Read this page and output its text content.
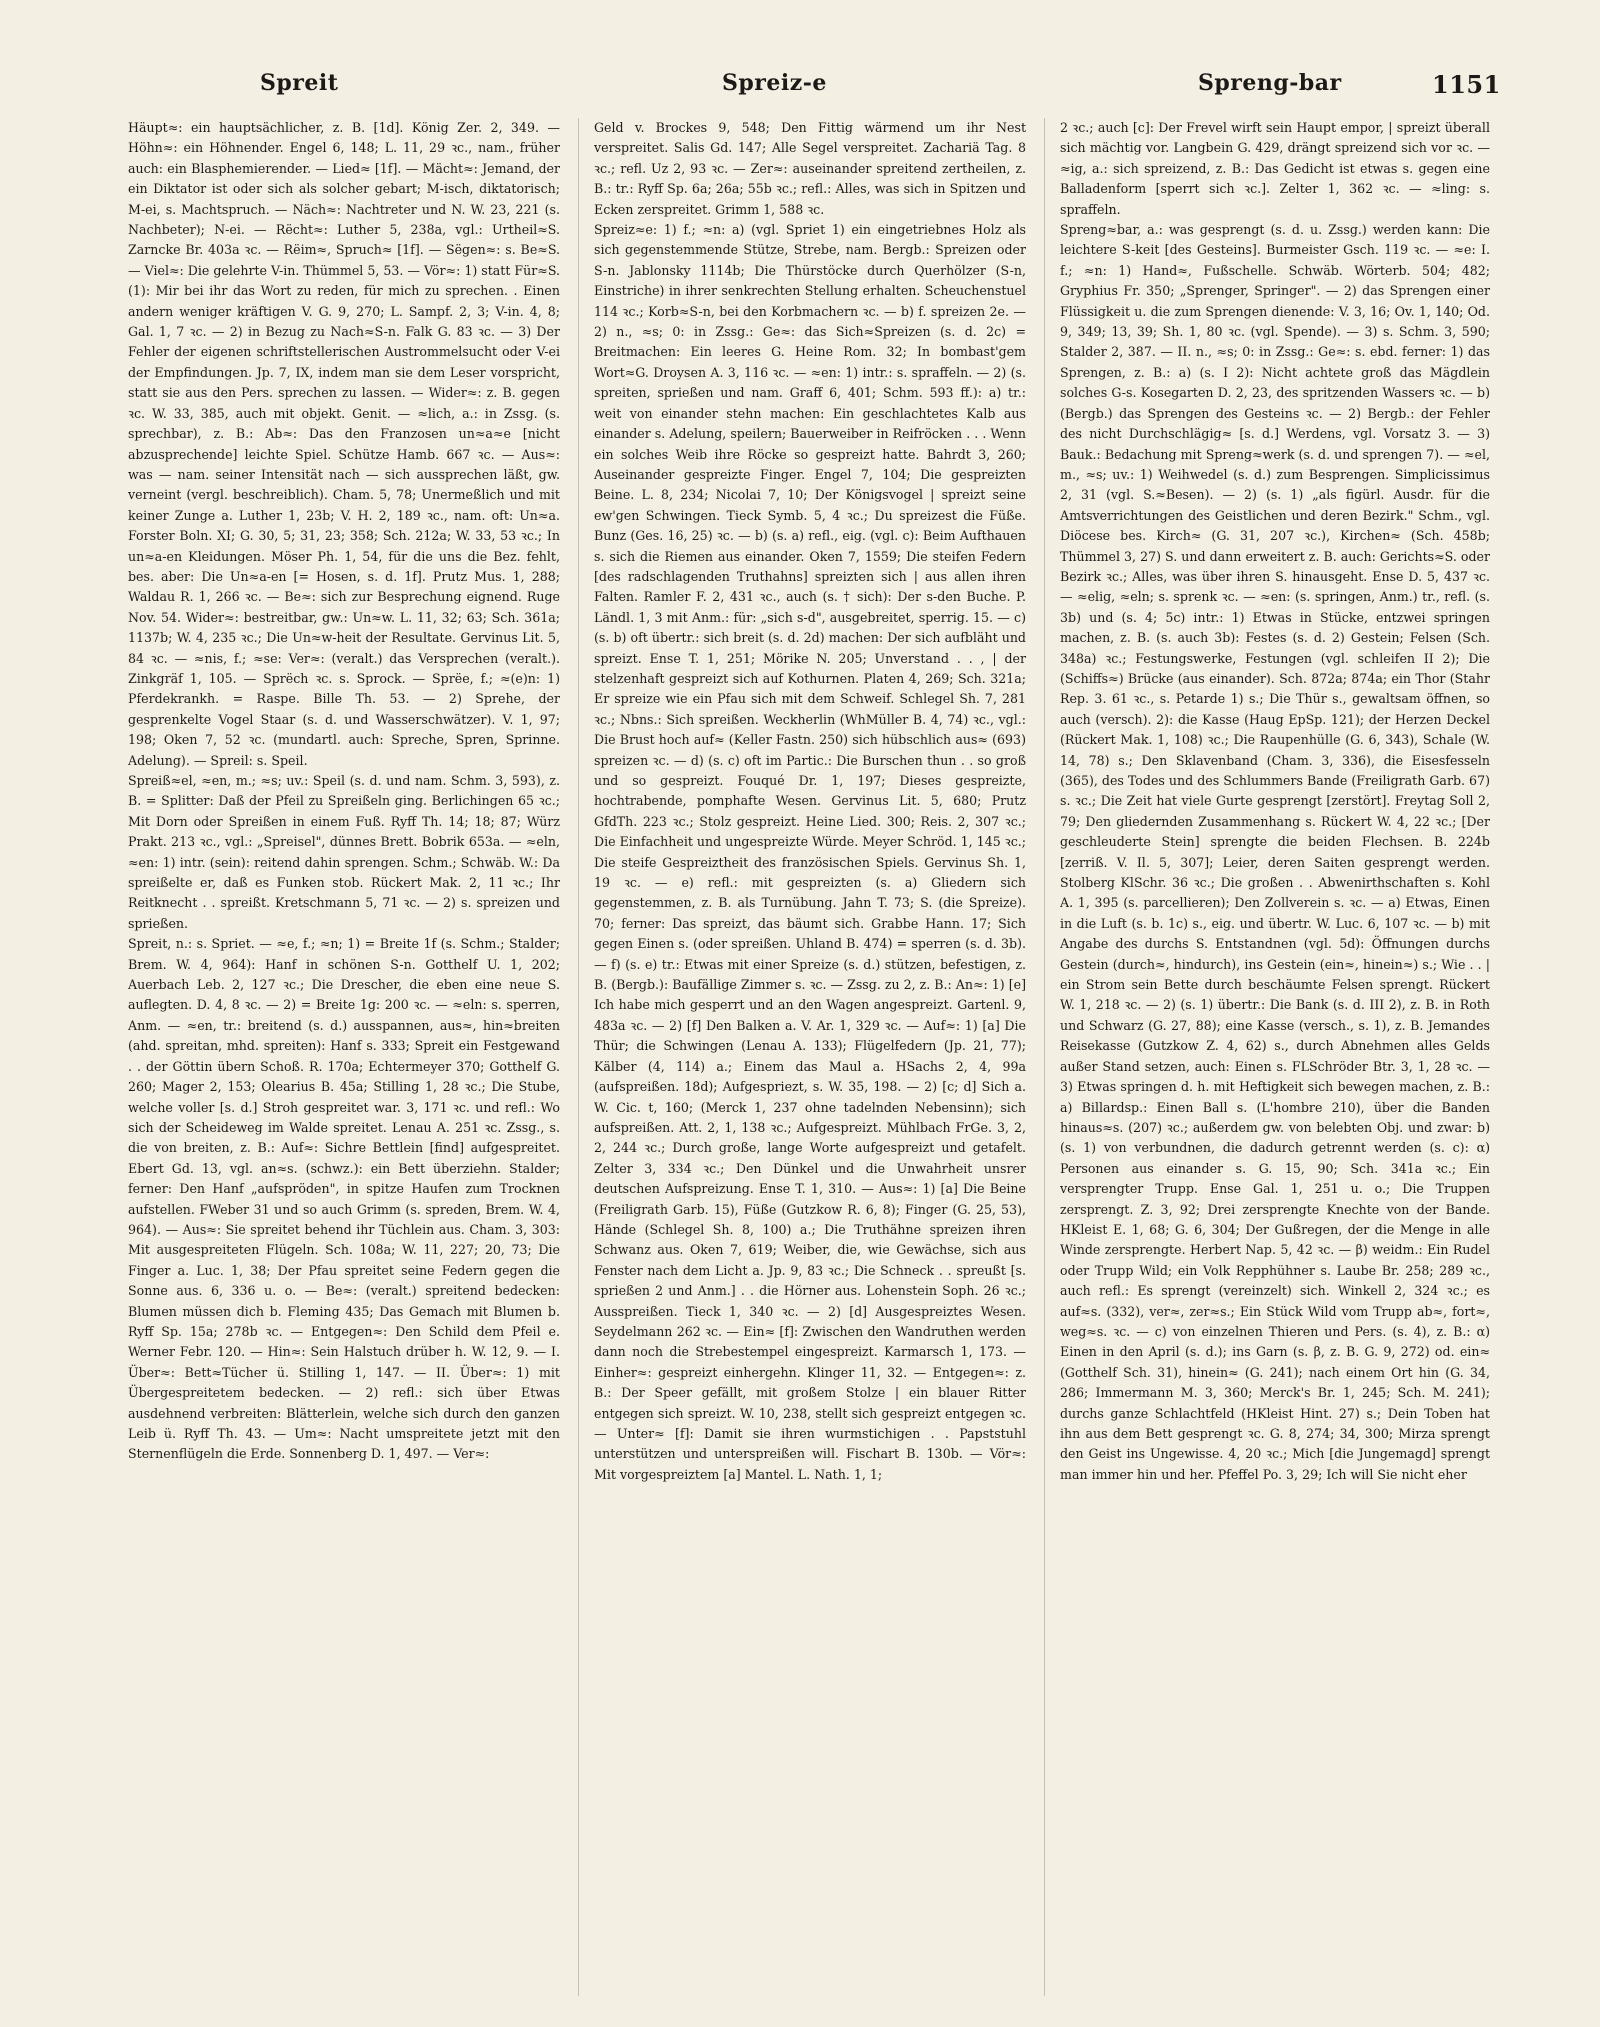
Spreit	Spreiz-e	Spreng-bar	1151

Häupt≈: ein hauptsächlicher, z. B. [1d]. König Zer. 2, 349. — Höhn≈: ein Höhnender. Engel 6, 148; L. 11, 29 ꝛc., nam., früher auch: ein Blasphemierender. — Lied≈ [1f]. — Mächt≈: Jemand, der ein Diktator ist oder sich als solcher gebart; M-isch, diktatorisch; M-ei, s. Machtspruch. — Näch≈: Nachtreter und N. W. 23, 221 (s. Nachbeter); N-ei. — Rëcht≈: Luther 5, 238a, vgl.: Urtheil≈S. Zarncke Br. 403a ꝛc. — Rëim≈, Spruch≈ [1f]. — Sëgen≈: s. Be≈S. — Viel≈: Die gelehrte V-in. Thümmel 5, 53. — Vör≈: 1) statt Für≈S. (1): Mir bei ihr das Wort zu reden, für mich zu sprechen. . Einen andern weniger kräftigen V. G. 9, 270; L. Sampf. 2, 3; V-in. 4, 8; Gal. 1, 7 ꝛc. — 2) in Bezug zu Nach≈S-n. Falk G. 83 ꝛc. — 3) Der Fehler der eigenen schriftstellerischen Austrommelsucht oder V-ei der Empfindungen. Jp. 7, IX, indem man sie dem Leser vorspricht, statt sie aus den Pers. sprechen zu lassen. — Wider≈: z. B. gegen ꝛc. W. 33, 385, auch mit objekt. Genit. — ≈lich, a.: in Zssg. (s. sprechbar), z. B.: Ab≈: Das den Franzosen un≈a≈e [nicht abzusprechende] leichte Spiel. Schütze Hamb. 667 ꝛc. — Aus≈: was — nam. seiner Intensität nach — sich aussprechen läßt, gw. verneint (vergl. beschreiblich). Cham. 5, 78; Unermeßlich und mit keiner Zunge a. Luther 1, 23b; V. H. 2, 189 ꝛc., nam. oft: Un≈a. Forster Boln. XI; G. 30, 5; 31, 23; 358; Sch. 212a; W. 33, 53 ꝛc.; In un≈a-en Kleidungen. Möser Ph. 1, 54, für die uns die Bez. fehlt, bes. aber: Die Un≈a-en [= Hosen, s. d. 1f]. Prutz Mus. 1, 288; Waldau R. 1, 266 ꝛc. — Be≈: sich zur Besprechung eignend. Ruge Nov. 54. Wider≈: bestreitbar, gw.: Un≈w. L. 11, 32; 63; Sch. 361a; 1137b; W. 4, 235 ꝛc.; Die Un≈w-heit der Resultate. Gervinus Lit. 5, 84 ꝛc. — ≈nis, f.; ≈se: Ver≈: (veralt.) das Versprechen (veralt.). Zinkgräf 1, 105. — Sprëch ꝛc. s. Sprock. — Sprëe, f.; ≈(e)n: 1) Pferdekrankh. = Raspe. Bille Th. 53. — 2) Sprehe, der gesprenkelte Vogel Staar (s. d. und Wasserschwätzer). V. 1, 97; 198; Oken 7, 52 ꝛc. (mundartl. auch: Spreche, Spren, Sprinne. Adelung). — Spreil: s. Speil.

Spreiß≈el, ≈en, m.; ≈s; uv.: Speil (s. d. und nam. Schm. 3, 593), z. B. = Splitter: Daß der Pfeil zu Spreißeln ging. Berlichingen 65 ꝛc.; Mit Dorn oder Spreißen in einem Fuß. Ryff Th. 14; 18; 87; Würz Prakt. 213 ꝛc., vgl.: „Spreisel", dünnes Brett. Bobrik 653a. — ≈eln, ≈en: 1) intr. (sein): reitend dahin sprengen. Schm.; Schwäb. W.: Da spreißelte er, daß es Funken stob. Rückert Mak. 2, 11 ꝛc.; Ihr Reitknecht . . spreißt. Kretschmann 5, 71 ꝛc. — 2) s. spreizen und sprießen.

Spreit, n.: s. Spriet. — ≈e, f.; ≈n; 1) = Breite 1f (s. Schm.; Stalder; Brem. W. 4, 964): Hanf in schönen S-n. Gotthelf U. 1, 202; Auerbach Leb. 2, 127 ꝛc.; Die Drescher, die eben eine neue S. auflegten. D. 4, 8 ꝛc. — 2) = Breite 1g: 200 ꝛc. — ≈eln: s. sperren, Anm. — ≈en, tr.: breitend (s. d.) ausspannen, aus≈, hin≈breiten (ahd. spreitan, mhd. spreiten): Hanf s. 333; Spreit ein Festgewand . . der Göttin übern Schoß. R. 170a; Echtermeyer 370; Gotthelf G. 260; Mager 2, 153; Olearius B. 45a; Stilling 1, 28 ꝛc.; Die Stube, welche voller [s. d.] Stroh gespreitet war. 3, 171 ꝛc. und refl.: Wo sich der Scheideweg im Walde spreitet. Lenau A. 251 ꝛc. Zssg., s. die von breiten, z. B.: Auf≈: Sichre Bettlein [find] aufgespreitet. Ebert Gd. 13, vgl. an≈s. (schwz.): ein Bett überziehn. Stalder; ferner: Den Hanf „aufspröden", in spitze Haufen zum Trocknen aufstellen. FWeber 31 und so auch Grimm (s. spreden, Brem. W. 4, 964). — Aus≈: Sie spreitet behend ihr Tüchlein aus. Cham. 3, 303: Mit ausgespreiteten Flügeln. Sch. 108a; W. 11, 227; 20, 73; Die Finger a. Luc. 1, 38; Der Pfau spreitet seine Federn gegen die Sonne aus. 6, 336 u. o. — Be≈: (veralt.) spreitend bedecken: Blumen müssen dich b. Fleming 435; Das Gemach mit Blumen b. Ryff Sp. 15a; 278b ꝛc. — Entgegen≈: Den Schild dem Pfeil e. Werner Febr. 120. — Hin≈: Sein Halstuch drüber h. W. 12, 9. — I. Über≈: Bett≈Tücher ü. Stilling 1, 147. — II. Über≈: 1) mit Übergespreitetem bedecken. — 2) refl.: sich über Etwas ausdehnend verbreiten: Blätterlein, welche sich durch den ganzen Leib ü. Ryff Th. 43. — Um≈: Nacht umspreitete jetzt mit den Sternenflügeln die Erde. Sonnenberg D. 1, 497. — Ver≈:

Geld v. Brockes 9, 548; Den Fittig wärmend um ihr Nest verspreitet. Salis Gd. 147; Alle Segel verspreitet. Zachariä Tag. 8 ꝛc.; refl. Uz 2, 93 ꝛc. — Zer≈: auseinander spreitend zertheilen, z. B.: tr.: Ryff Sp. 6a; 26a; 55b ꝛc.; refl.: Alles, was sich in Spitzen und Ecken zerspreitet. Grimm 1, 588 ꝛc.

Spreiz≈e: 1) f.; ≈n: a) (vgl. Spriet 1) ein eingetriebnes Holz als sich gegenstemmende Stütze, Strebe, nam. Bergb.: Spreizen oder S-n. Jablonsky 1114b; Die Thürstöcke durch Querhölzer (S-n, Einstriche) in ihrer senkrechten Stellung erhalten. Scheuchenstuel 114 ꝛc.; Korb≈S-n, bei den Korbmachern ꝛc. — b) f. spreizen 2e. — 2) n., ≈s; 0: in Zssg.: Ge≈: das Sich≈Spreizen (s. d. 2c) = Breitmachen: Ein leeres G. Heine Rom. 32; In bombast'gem Wort≈G. Droysen A. 3, 116 ꝛc. — ≈en: 1) intr.: s. spraffeln. — 2) (s. spreiten, sprießen und nam. Graff 6, 401; Schm. 593 ff.): a) tr.: weit von einander stehn machen: Ein geschlachtetes Kalb aus einander s. Adelung, speilern; Bauerweiber in Reifröcken . . . Wenn ein solches Weib ihre Röcke so gespreizt hatte. Bahrdt 3, 260; Auseinander gespreizte Finger. Engel 7, 104; Die gespreizten Beine. L. 8, 234; Nicolai 7, 10; Der Königsvogel | spreizt seine ew'gen Schwingen. Tieck Symb. 5, 4 ꝛc.; Du spreizest die Füße. Bunz (Ges. 16, 25) ꝛc. — b) (s. a) refl., eig. (vgl. c): Beim Aufthauen s. sich die Riemen aus einander. Oken 7, 1559; Die steifen Federn [des radschlagenden Truthahns] spreizten sich | aus allen ihren Falten. Ramler F. 2, 431 ꝛc., auch (s. † sich): Der s-den Buche. P. Ländl. 1, 3 mit Anm.: für: „sich s-d", ausgebreitet, sperrig. 15. — c) (s. b) oft übertr.: sich breit (s. d. 2d) machen: Der sich aufbläht und spreizt. Ense T. 1, 251; Mörike N. 205; Unverstand . . , | der stelzenhaft gespreizt sich auf Kothurnen. Platen 4, 269; Sch. 321a; Er spreize wie ein Pfau sich mit dem Schweif. Schlegel Sh. 7, 281 ꝛc.; Nbns.: Sich spreißen. Weckherlin (WhMüller B. 4, 74) ꝛc., vgl.: Die Brust hoch auf≈ (Keller Fastn. 250) sich hübschlich aus≈ (693) spreizen ꝛc. — d) (s. c) oft im Partic.: Die Burschen thun . . so groß und so gespreizt. Fouqué Dr. 1, 197; Dieses gespreizte, hochtrabende, pomphafte Wesen. Gervinus Lit. 5, 680; Prutz GfdTh. 223 ꝛc.; Stolz gespreizt. Heine Lied. 300; Reis. 2, 307 ꝛc.; Die Einfachheit und ungespreizte Würde. Meyer Schröd. 1, 145 ꝛc.; Die steife Gespreiztheit des französischen Spiels. Gervinus Sh. 1, 19 ꝛc. — e) refl.: mit gespreizten (s. a) Gliedern sich gegenstemmen, z. B. als Turnübung. Jahn T. 73; S. (die Spreize). 70; ferner: Das spreizt, das bäumt sich. Grabbe Hann. 17; Sich gegen Einen s. (oder spreißen. Uhland B. 474) = sperren (s. d. 3b). — f) (s. e) tr.: Etwas mit einer Spreize (s. d.) stützen, befestigen, z. B. (Bergb.): Baufällige Zimmer s. ꝛc. — Zssg. zu 2, z. B.: An≈: 1) [e] Ich habe mich gesperrt und an den Wagen angespreizt. Gartenl. 9, 483a ꝛc. — 2) [f] Den Balken a. V. Ar. 1, 329 ꝛc. — Auf≈: 1) [a] Die Thür; die Schwingen (Lenau A. 133); Flügelfedern (Jp. 21, 77); Kälber (4, 114) a.; Einem das Maul a. HSachs 2, 4, 99a (aufspreißen. 18d); Aufgespriezt, s. W. 35, 198. — 2) [c; d] Sich a. W. Cic. t, 160; (Merck 1, 237 ohne tadelnden Nebensinn); sich aufspreißen. Att. 2, 1, 138 ꝛc.; Aufgespreizt. Mühlbach FrGe. 3, 2, 2, 244 ꝛc.; Durch große, lange Worte aufgespreizt und getafelt. Zelter 3, 334 ꝛc.; Den Dünkel und die Unwahrheit unsrer deutschen Aufspreizung. Ense T. 1, 310. — Aus≈: 1) [a] Die Beine (Freiligrath Garb. 15), Füße (Gutzkow R. 6, 8); Finger (G. 25, 53), Hände (Schlegel Sh. 8, 100) a.; Die Truthähne spreizen ihren Schwanz aus. Oken 7, 619; Weiber, die, wie Gewächse, sich aus Fenster nach dem Licht a. Jp. 9, 83 ꝛc.; Die Schneck . . spreußt [s. sprießen 2 und Anm.] . . die Hörner aus. Lohenstein Soph. 26 ꝛc.; Ausspreißen. Tieck 1, 340 ꝛc. — 2) [d] Ausgespreiztes Wesen. Seydelmann 262 ꝛc. — Ein≈ [f]: Zwischen den Wandruthen werden dann noch die Strebestempel eingespreizt. Karmarsch 1, 173. — Einher≈: gespreizt einhergehn. Klinger 11, 32. — Entgegen≈: z. B.: Der Speer gefällt, mit großem Stolze | ein blauer Ritter entgegen sich spreizt. W. 10, 238, stellt sich gespreizt entgegen ꝛc. — Unter≈ [f]: Damit sie ihren wurmstichigen . . Papststuhl unterstützen und unterspreißen will. Fischart B. 130b. — Vör≈: Mit vorgespreiztem [a] Mantel. L. Nath. 1, 1;

2 ꝛc.; auch [c]: Der Frevel wirft sein Haupt empor, | spreizt überall sich mächtig vor. Langbein G. 429, drängt spreizend sich vor ꝛc. — ≈ig, a.: sich spreizend, z. B.: Das Gedicht ist etwas s. gegen eine Balladenform [sperrt sich ꝛc.]. Zelter 1, 362 ꝛc. — ≈ling: s. spraffeln.

Spreng≈bar, a.: was gesprengt (s. d. u. Zssg.) werden kann: Die leichtere S-keit [des Gesteins]. Burmeister Gsch. 119 ꝛc. — ≈e: I. f.; ≈n: 1) Hand≈, Fußschelle. Schwäb. Wörterb. 504; 482; Gryphius Fr. 350; „Sprenger, Springer". — 2) das Sprengen einer Flüssigkeit u. die zum Sprengen dienende: V. 3, 16; Ov. 1, 140; Od. 9, 349; 13, 39; Sh. 1, 80 ꝛc. (vgl. Spende). — 3) s. Schm. 3, 590; Stalder 2, 387. — II. n., ≈s; 0: in Zssg.: Ge≈: s. ebd. ferner: 1) das Sprengen, z. B.: a) (s. I 2): Nicht achtete groß das Mägdlein solches G-s. Kosegarten D. 2, 23, des spritzenden Wassers ꝛc. — b) (Bergb.) das Sprengen des Gesteins ꝛc. — 2) Bergb.: der Fehler des nicht Durchschlägig≈ [s. d.] Werdens, vgl. Vorsatz 3. — 3) Bauk.: Bedachung mit Spreng≈werk (s. d. und sprengen 7). — ≈el, m., ≈s; uv.: 1) Weihwedel (s. d.) zum Besprengen. Simplicissimus 2, 31 (vgl. S.≈Besen). — 2) (s. 1) „als figürl. Ausdr. für die Amtsverrichtungen des Geistlichen und deren Bezirk." Schm., vgl. Diöcese bes. Kirch≈ (G. 31, 207 ꝛc.), Kirchen≈ (Sch. 458b; Thümmel 3, 27) S. und dann erweitert z. B. auch: Gerichts≈S. oder Bezirk ꝛc.; Alles, was über ihren S. hinausgeht. Ense D. 5, 437 ꝛc. — ≈elig, ≈eln; s. sprenk ꝛc. — ≈en: (s. springen, Anm.) tr., refl. (s. 3b) und (s. 4; 5c) intr.: 1) Etwas in Stücke, entzwei springen machen, z. B. (s. auch 3b): Festes (s. d. 2) Gestein; Felsen (Sch. 348a) ꝛc.; Festungswerke, Festungen (vgl. schleifen II 2); Die (Schiffs≈) Brücke (aus einander). Sch. 872a; 874a; ein Thor (Stahr Rep. 3. 61 ꝛc., s. Petarde 1) s.; Die Thür s., gewaltsam öffnen, so auch (versch). 2): die Kasse (Haug EpSp. 121); der Herzen Deckel (Rückert Mak. 1, 108) ꝛc.; Die Raupenhülle (G. 6, 343), Schale (W. 14, 78) s.; Den Sklavenband (Cham. 3, 336), die Eisesfesseln (365), des Todes und des Schlummers Bande (Freiligrath Garb. 67) s. ꝛc.; Die Zeit hat viele Gurte gesprengt [zerstört]. Freytag Soll 2, 79; Den gliedernden Zusammenhang s. Rückert W. 4, 22 ꝛc.; [Der geschleuderte Stein] sprengte die beiden Flechsen. B. 224b [zerriß. V. Il. 5, 307]; Leier, deren Saiten gesprengt werden. Stolberg KlSchr. 36 ꝛc.; Die großen . . Abwenirthschaften s. Kohl A. 1, 395 (s. parcellieren); Den Zollverein s. ꝛc. — a) Etwas, Einen in die Luft (s. b. 1c) s., eig. und übertr. W. Luc. 6, 107 ꝛc. — b) mit Angabe des durchs S. Entstandnen (vgl. 5d): Öffnungen durchs Gestein (durch≈, hindurch), ins Gestein (ein≈, hinein≈) s.; Wie . . | ein Strom sein Bette durch beschäumte Felsen sprengt. Rückert W. 1, 218 ꝛc. — 2) (s. 1) übertr.: Die Bank (s. d. III 2), z. B. in Roth und Schwarz (G. 27, 88); eine Kasse (versch., s. 1), z. B. Jemandes Reisekasse (Gutzkow Z. 4, 62) s., durch Abnehmen alles Gelds außer Stand setzen, auch: Einen s. FLSchröder Btr. 3, 1, 28 ꝛc. — 3) Etwas springen d. h. mit Heftigkeit sich bewegen machen, z. B.: a) Billardsp.: Einen Ball s. (L'hombre 210), über die Banden hinaus≈s. (207) ꝛc.; außerdem gw. von belebten Obj. und zwar: b) (s. 1) von verbundnen, die dadurch getrennt werden (s. c): α) Personen aus einander s. G. 15, 90; Sch. 341a ꝛc.; Ein versprengter Trupp. Ense Gal. 1, 251 u. o.; Die Truppen zersprengt. Z. 3, 92; Drei zersprengte Knechte von der Bande. HKleist E. 1, 68; G. 6, 304; Der Gußregen, der die Menge in alle Winde zersprengte. Herbert Nap. 5, 42 ꝛc. — β) weidm.: Ein Rudel oder Trupp Wild; ein Volk Repphühner s. Laube Br. 258; 289 ꝛc., auch refl.: Es sprengt (vereinzelt) sich. Winkell 2, 324 ꝛc.; es auf≈s. (332), ver≈, zer≈s.; Ein Stück Wild vom Trupp ab≈, fort≈, weg≈s. ꝛc. — c) von einzelnen Thieren und Pers. (s. 4), z. B.: α) Einen in den April (s. d.); ins Garn (s. β, z. B. G. 9, 272) od. ein≈ (Gotthelf Sch. 31), hinein≈ (G. 241); nach einem Ort hin (G. 34, 286; Immermann M. 3, 360; Merck's Br. 1, 245; Sch. M. 241); durchs ganze Schlachtfeld (HKleist Hint. 27) s.; Dein Toben hat ihn aus dem Bett gesprengt ꝛc. G. 8, 274; 34, 300; Mirza sprengt den Geist ins Ungewisse. 4, 20 ꝛc.; Mich [die Jungemagd] sprengt man immer hin und her. Pfeffel Po. 3, 29; Ich will Sie nicht eher
